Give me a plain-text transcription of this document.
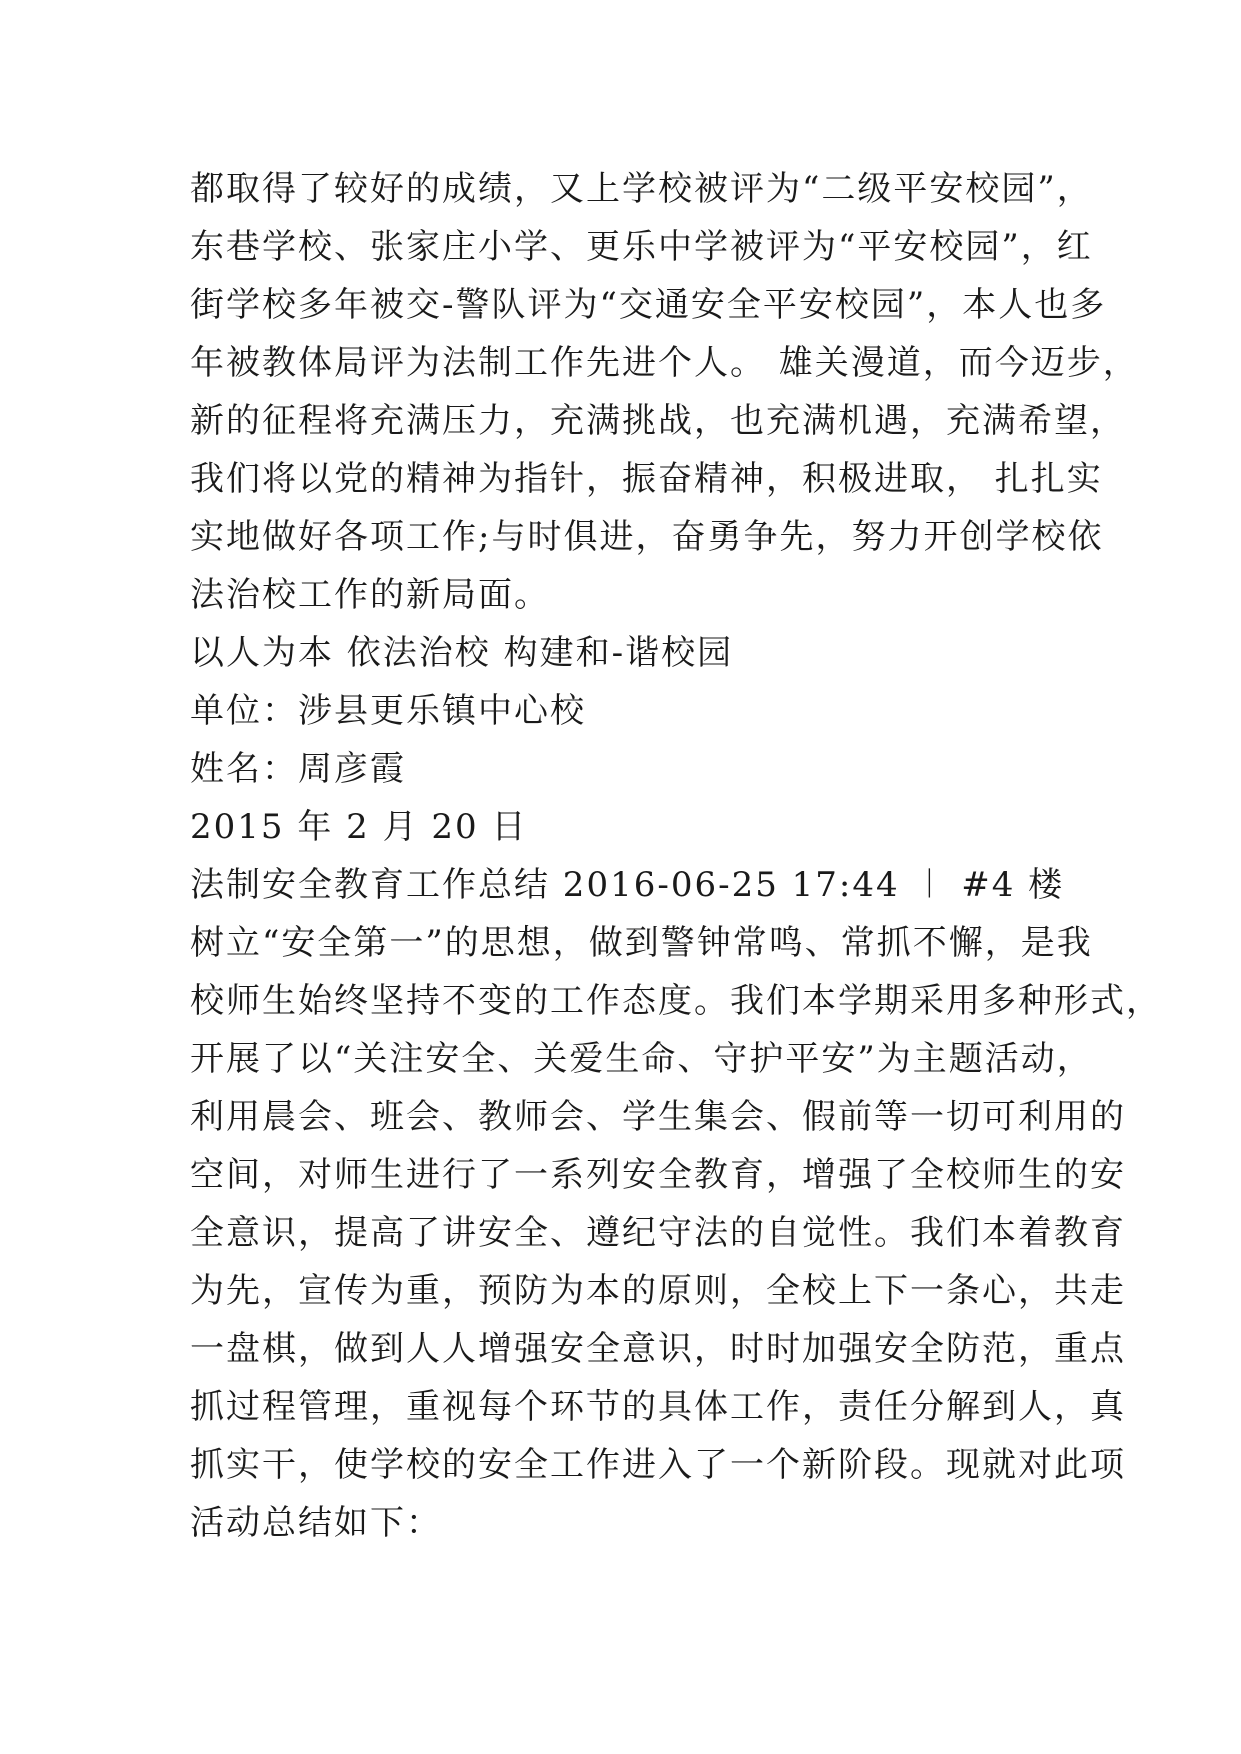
都取得了较好的成绩，又上学校被评为“二级平安校园”，
东巷学校、张家庄小学、更乐中学被评为“平安校园”，红
街学校多年被交-警队评为“交通安全平安校园”，本人也多
年被教体局评为法制工作先进个人。 雄关漫道，而今迈步，
新的征程将充满压力，充满挑战，也充满机遇，充满希望，
我们将以党的精神为指针，振奋精神，积极进取， 扎扎实
实地做好各项工作;与时俱进，奋勇争先，努力开创学校依
法治校工作的新局面。
以人为本 依法治校 构建和-谐校园
单位：涉县更乐镇中心校
姓名：周彦霞
2015 年 2 月 20 日
法制安全教育工作总结 2016-06-25 17:44 ︱ #4 楼
树立“安全第一”的思想，做到警钟常鸣、常抓不懈，是我
校师生始终坚持不变的工作态度。我们本学期采用多种形式，
开展了以“关注安全、关爱生命、守护平安”为主题活动，
利用晨会、班会、教师会、学生集会、假前等一切可利用的
空间，对师生进行了一系列安全教育，增强了全校师生的安
全意识，提高了讲安全、遵纪守法的自觉性。我们本着教育
为先，宣传为重，预防为本的原则，全校上下一条心，共走
一盘棋，做到人人增强安全意识，时时加强安全防范，重点
抓过程管理，重视每个环节的具体工作，责任分解到人，真
抓实干，使学校的安全工作进入了一个新阶段。现就对此项
活动总结如下：
